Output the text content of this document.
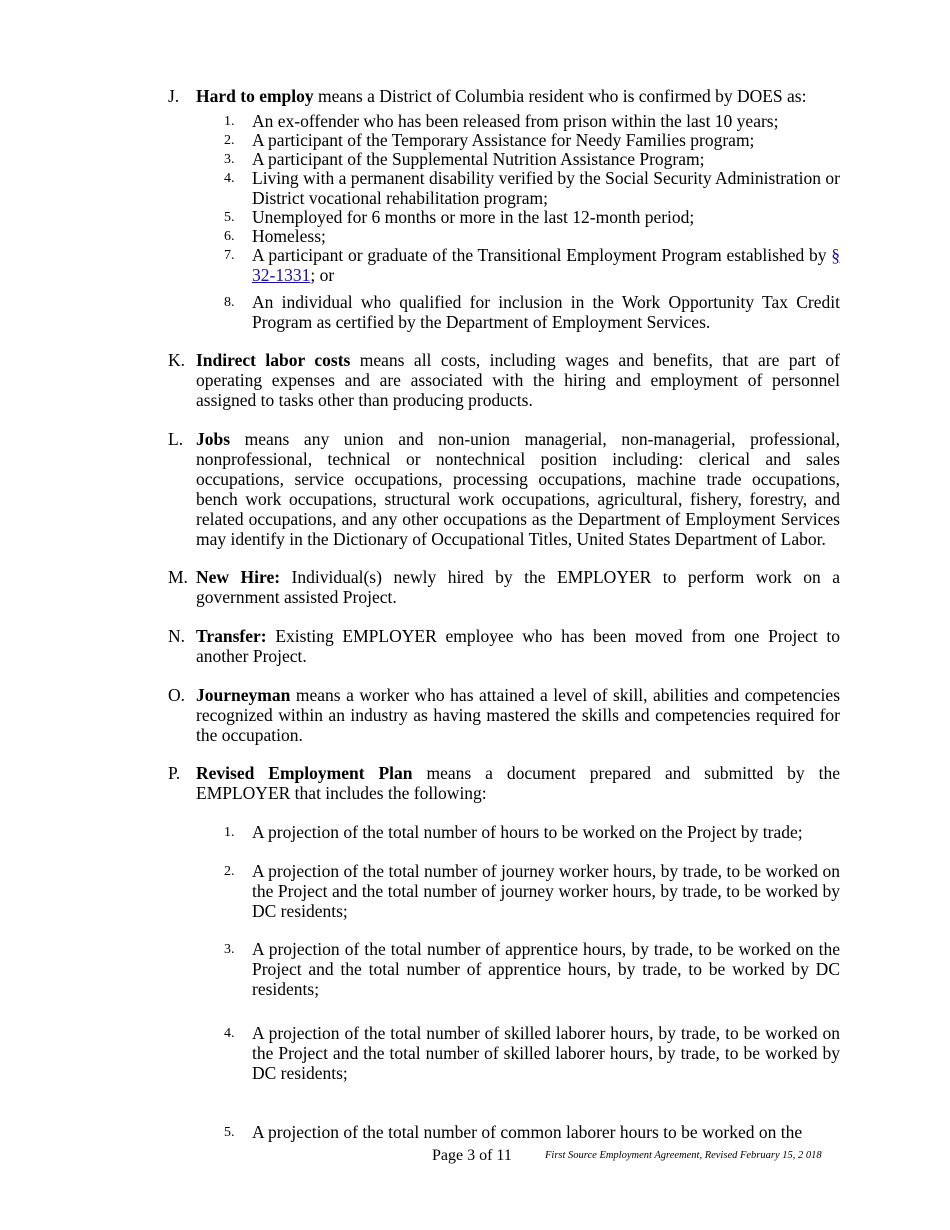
J. Hard to employ means a District of Columbia resident who is confirmed by DOES as:
1. An ex-offender who has been released from prison within the last 10 years;
2. A participant of the Temporary Assistance for Needy Families program;
3. A participant of the Supplemental Nutrition Assistance Program;
4. Living with a permanent disability verified by the Social Security Administration or District vocational rehabilitation program;
5. Unemployed for 6 months or more in the last 12-month period;
6. Homeless;
7. A participant or graduate of the Transitional Employment Program established by § 32-1331; or
8. An individual who qualified for inclusion in the Work Opportunity Tax Credit Program as certified by the Department of Employment Services.
K. Indirect labor costs means all costs, including wages and benefits, that are part of operating expenses and are associated with the hiring and employment of personnel assigned to tasks other than producing products.
L. Jobs means any union and non-union managerial, non-managerial, professional, nonprofessional, technical or nontechnical position including: clerical and sales occupations, service occupations, processing occupations, machine trade occupations, bench work occupations, structural work occupations, agricultural, fishery, forestry, and related occupations, and any other occupations as the Department of Employment Services may identify in the Dictionary of Occupational Titles, United States Department of Labor.
M. New Hire: Individual(s) newly hired by the EMPLOYER to perform work on a government assisted Project.
N. Transfer: Existing EMPLOYER employee who has been moved from one Project to another Project.
O. Journeyman means a worker who has attained a level of skill, abilities and competencies recognized within an industry as having mastered the skills and competencies required for the occupation.
P. Revised Employment Plan means a document prepared and submitted by the EMPLOYER that includes the following:
1. A projection of the total number of hours to be worked on the Project by trade;
2. A projection of the total number of journey worker hours, by trade, to be worked on the Project and the total number of journey worker hours, by trade, to be worked by DC residents;
3. A projection of the total number of apprentice hours, by trade, to be worked on the Project and the total number of apprentice hours, by trade, to be worked by DC residents;
4. A projection of the total number of skilled laborer hours, by trade, to be worked on the Project and the total number of skilled laborer hours, by trade, to be worked by DC residents;
5. A projection of the total number of common laborer hours to be worked on the
Page 3 of 11	First Source Employment Agreement, Revised February 15, 2 018
